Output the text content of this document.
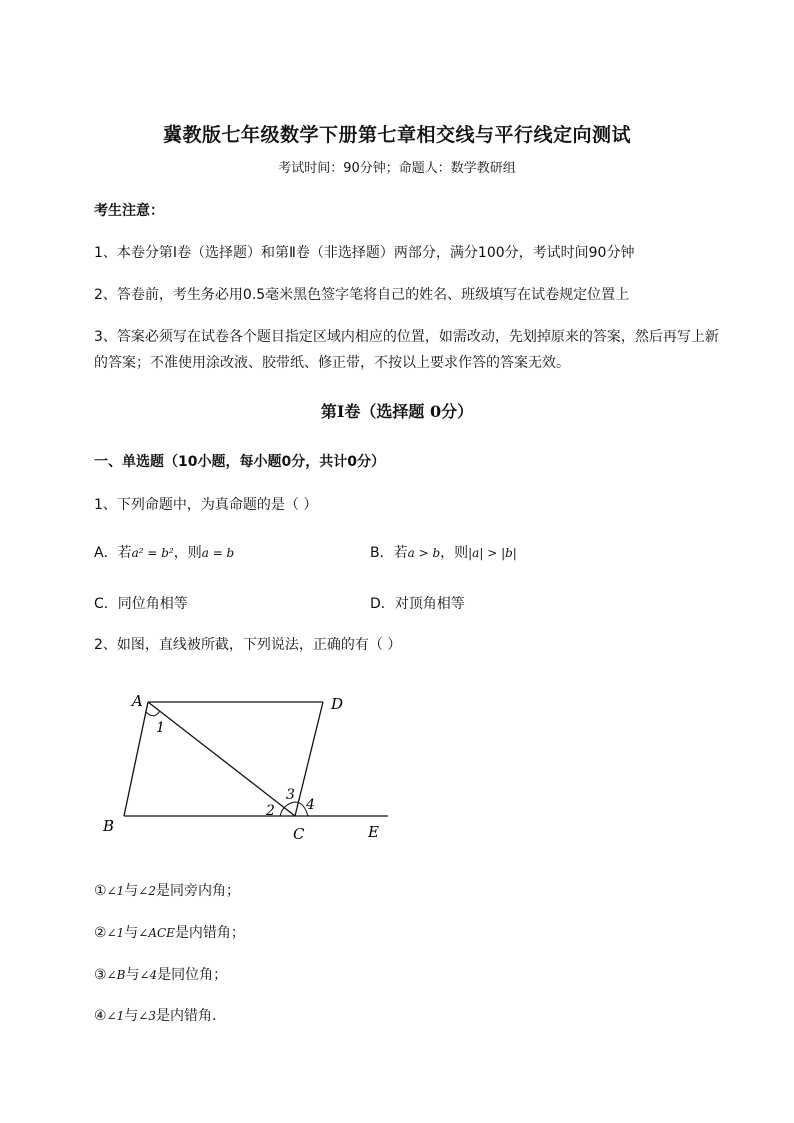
冀教版七年级数学下册第七章相交线与平行线定向测试
考试时间：90分钟；命题人：数学教研组
考生注意：
1、本卷分第I卷（选择题）和第Ⅱ卷（非选择题）两部分，满分100分，考试时间90分钟
2、答卷前，考生务必用0.5毫米黑色签字笔将自己的姓名、班级填写在试卷规定位置上
3、答案必须写在试卷各个题目指定区域内相应的位置，如需改动，先划掉原来的答案，然后再写上新
的答案；不准使用涂改液、胶带纸、修正带，不按以上要求作答的答案无效。
第I卷（选择题 0分）
一、单选题（10小题，每小题0分，共计0分）
1、下列命题中，为真命题的是（ ）
A．若a² = b²，则a = b	B．若a > b，则|a| > |b|
C．同位角相等	D．对顶角相等
2、如图，直线被所截，下列说法，正确的有（ ）
A	D
B	C	E
1
2
3
4
①∠1与∠2是同旁内角；
②∠1与∠ACE是内错角；
③∠B与∠4是同位角；
④∠1与∠3是内错角．
